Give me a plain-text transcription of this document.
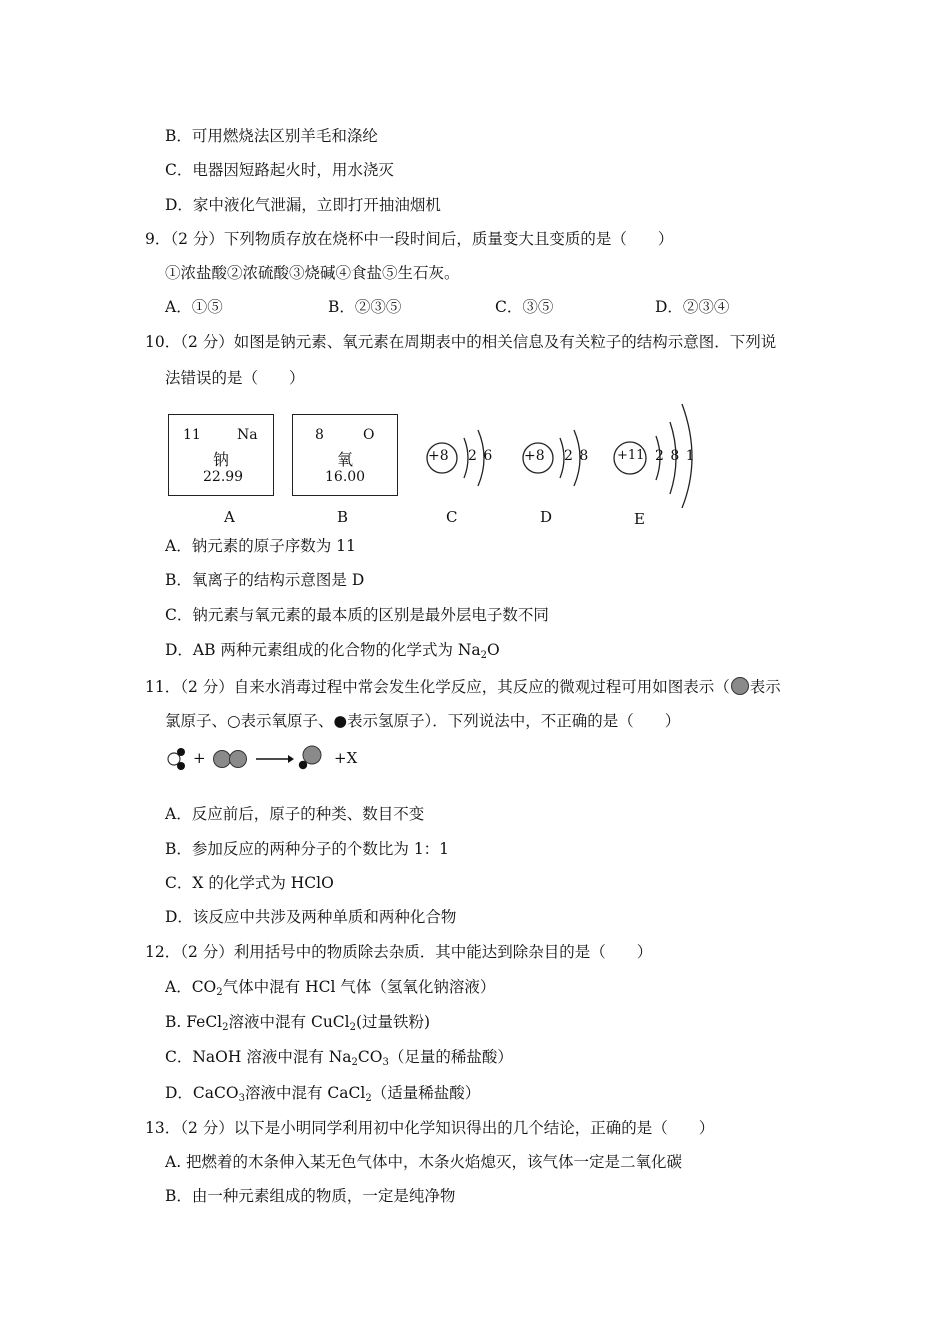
B．可用燃烧法区别羊毛和涤纶
C．电器因短路起火时，用水浇灭
D．家中液化气泄漏，立即打开抽油烟机
9．（2 分）下列物质存放在烧杯中一段时间后，质量变大且变质的是（　　）
①浓盐酸②浓硫酸③烧碱④食盐⑤生石灰。
A．①⑤	B．②③⑤	C．③⑤	D．②③④
10．（2 分）如图是钠元素、氧元素在周期表中的相关信息及有关粒子的结构示意图．下列说
法错误的是（　　）
11	Na
钠
22.99
A
8	O
氧
16.00
B
+8 2 6
C
+8 2 8
D
+11 2 8 1
E
A．钠元素的原子序数为 11
B．氧离子的结构示意图是 D
C．钠元素与氧元素的最本质的区别是最外层电子数不同
D．AB 两种元素组成的化合物的化学式为 $Na_2O$
11．（2 分）自来水消毒过程中常会发生化学反应，其反应的微观过程可用如图表示（ 表示
氯原子、○表示氧原子、●表示氢原子）．下列说法中，不正确的是（　　）
+	+X
A．反应前后，原子的种类、数目不变
B．参加反应的两种分子的个数比为 1：1
C．X 的化学式为 HClO
D．该反应中共涉及两种单质和两种化合物
12．（2 分）利用括号中的物质除去杂质．其中能达到除杂目的是（　　）
A．$CO_2$气体中混有 HCl 气体（氢氧化钠溶液）
B. FeCl$_2$溶液中混有 CuCl$_2$(过量铁粉)
C．NaOH 溶液中混有 $Na_2CO_3$（足量的稀盐酸）
D．CaCO$_3$溶液中混有 CaCl$_2$（适量稀盐酸）
13．（2 分）以下是小明同学利用初中化学知识得出的几个结论，正确的是（　　）
A. 把燃着的木条伸入某无色气体中，木条火焰熄灭，该气体一定是二氧化碳
B．由一种元素组成的物质，一定是纯净物
